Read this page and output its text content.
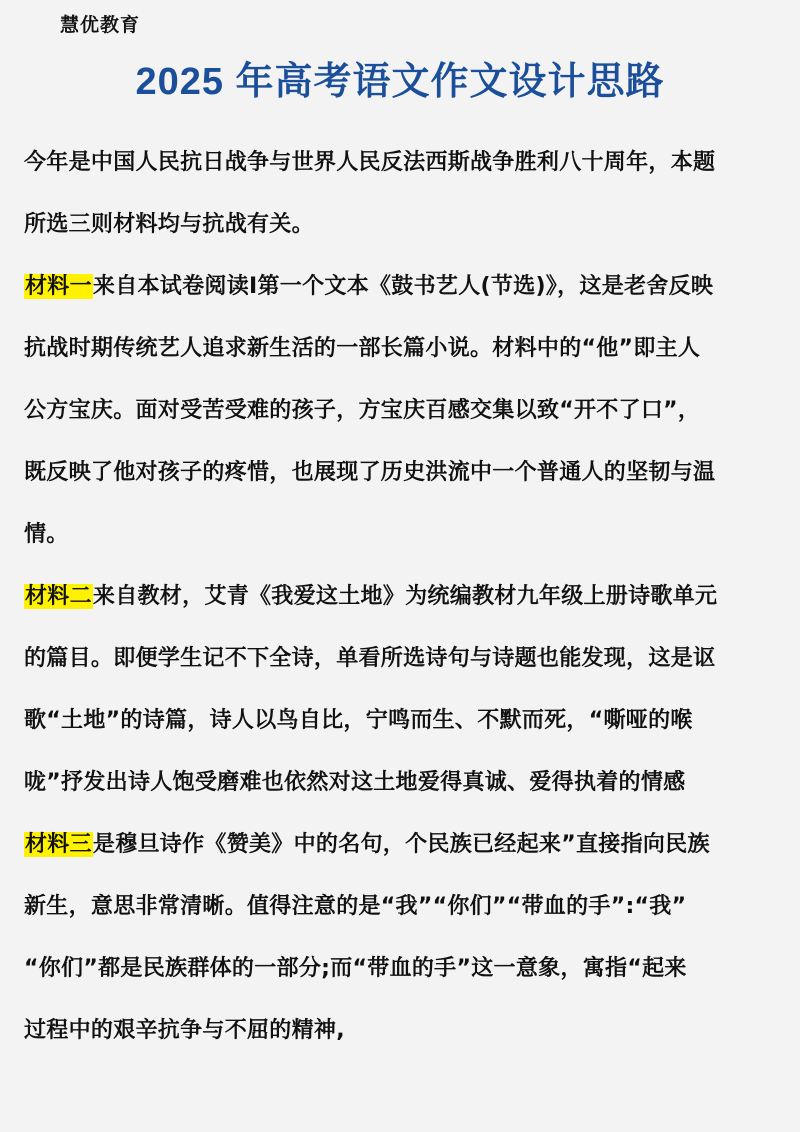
慧优教育
2025 年高考语文作文设计思路
今年是中国人民抗日战争与世界人民反法西斯战争胜利八十周年，本题
所选三则材料均与抗战有关。
材料一来自本试卷阅读Ⅰ第一个文本《鼓书艺人(节选)》，这是老舍反映
抗战时期传统艺人追求新生活的一部长篇小说。材料中的“他”即主人
公方宝庆。面对受苦受难的孩子，方宝庆百感交集以致“开不了口”，
既反映了他对孩子的疼惜，也展现了历史洪流中一个普通人的坚韧与温
情。
材料二来自教材，艾青《我爱这土地》为统编教材九年级上册诗歌单元
的篇目。即便学生记不下全诗，单看所选诗句与诗题也能发现，这是讴
歌“土地”的诗篇，诗人以鸟自比，宁鸣而生、不默而死，“嘶哑的喉
咙”抒发出诗人饱受磨难也依然对这土地爱得真诚、爱得执着的情感
材料三是穆旦诗作《赞美》中的名句，个民族已经起来”直接指向民族
新生，意思非常清晰。值得注意的是“我”“你们”“带血的手”:“我”
“你们”都是民族群体的一部分;而“带血的手”这一意象，寓指“起来
过程中的艰辛抗争与不屈的精神,
